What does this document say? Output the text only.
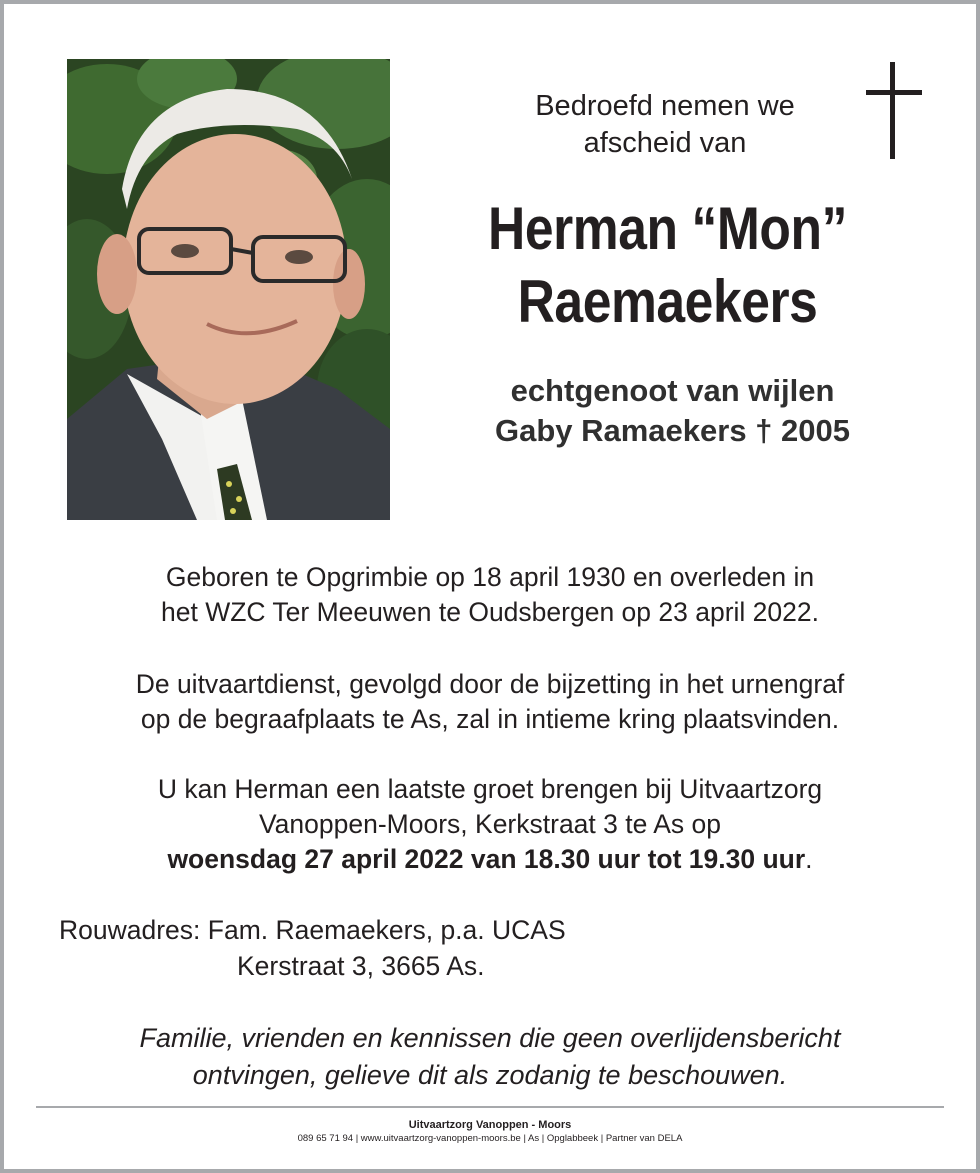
Bedroefd nemen we
afscheid van
Herman “Mon”
Raemaekers
echtgenoot van wijlen
Gaby Ramaekers † 2005
Geboren te Opgrimbie op 18 april 1930 en overleden in
het WZC Ter Meeuwen te Oudsbergen op 23 april 2022.
De uitvaartdienst, gevolgd door de bijzetting in het urnengraf
op de begraafplaats te As, zal in intieme kring plaatsvinden.
U kan Herman een laatste groet brengen bij Uitvaartzorg
Vanoppen-Moors, Kerkstraat 3 te As op
woensdag 27 april 2022 van 18.30 uur tot 19.30 uur.
Rouwadres: Fam. Raemaekers, p.a. UCAS
Kerstraat 3, 3665 As.
Familie, vrienden en kennissen die geen overlijdensbericht
ontvingen, gelieve dit als zodanig te beschouwen.
Uitvaartzorg Vanoppen - Moors
089 65 71 94 | www.uitvaartzorg-vanoppen-moors.be | As | Opglabbeek | Partner van DELA
